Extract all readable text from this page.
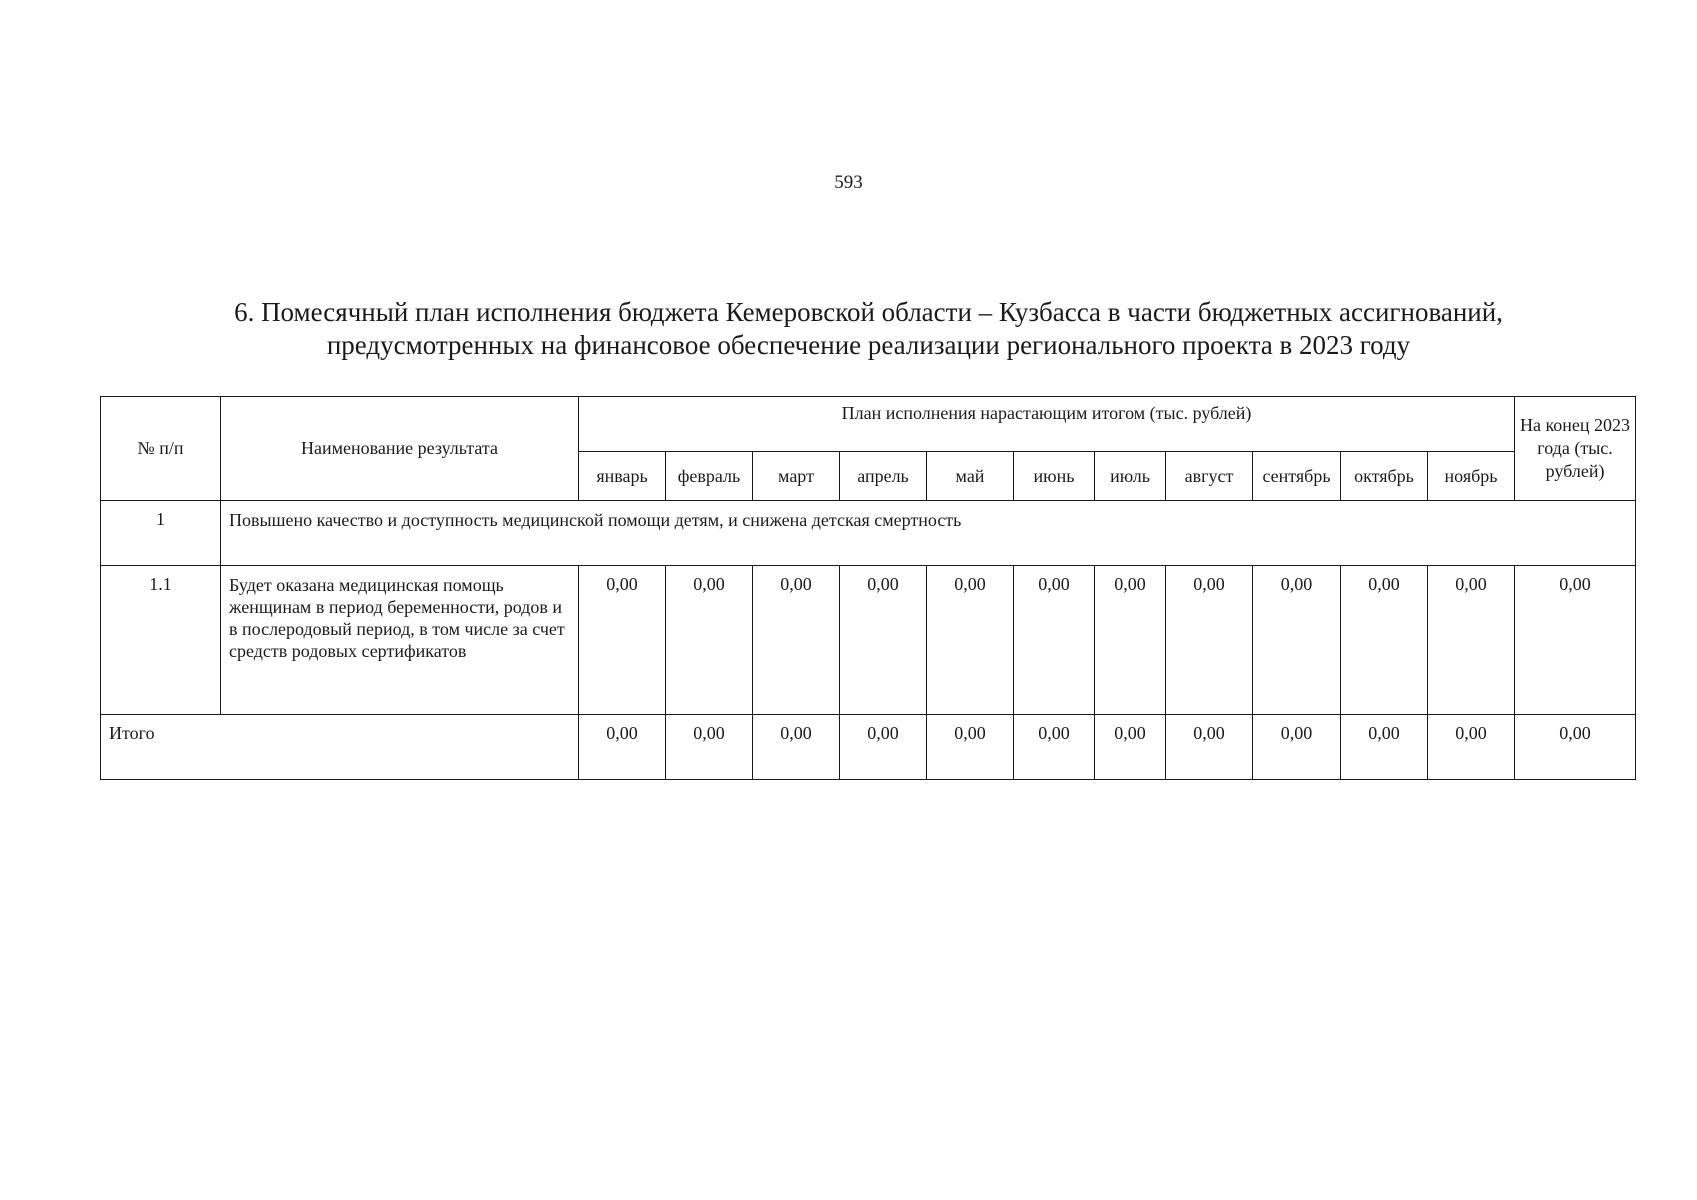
593
6. Помесячный план исполнения бюджета Кемеровской области – Кузбасса в части бюджетных ассигнований,
предусмотренных на финансовое обеспечение реализации регионального проекта в 2023 году
№ п/п	Наименование результата	План исполнения нарастающим итогом (тыс. рублей)											На конец 2023 года (тыс. рублей)
		январь	февраль	март	апрель	май	июнь	июль	август	сентябрь	октябрь	ноябрь	
1	Повышено качество и доступность медицинской помощи детям, и снижена детская смертность												
1.1	Будет оказана медицинская помощь женщинам в период беременности, родов и в послеродовый период, в том числе за счет средств родовых сертификатов	0,00	0,00	0,00	0,00	0,00	0,00	0,00	0,00	0,00	0,00	0,00	0,00
Итого		0,00	0,00	0,00	0,00	0,00	0,00	0,00	0,00	0,00	0,00	0,00	0,00
